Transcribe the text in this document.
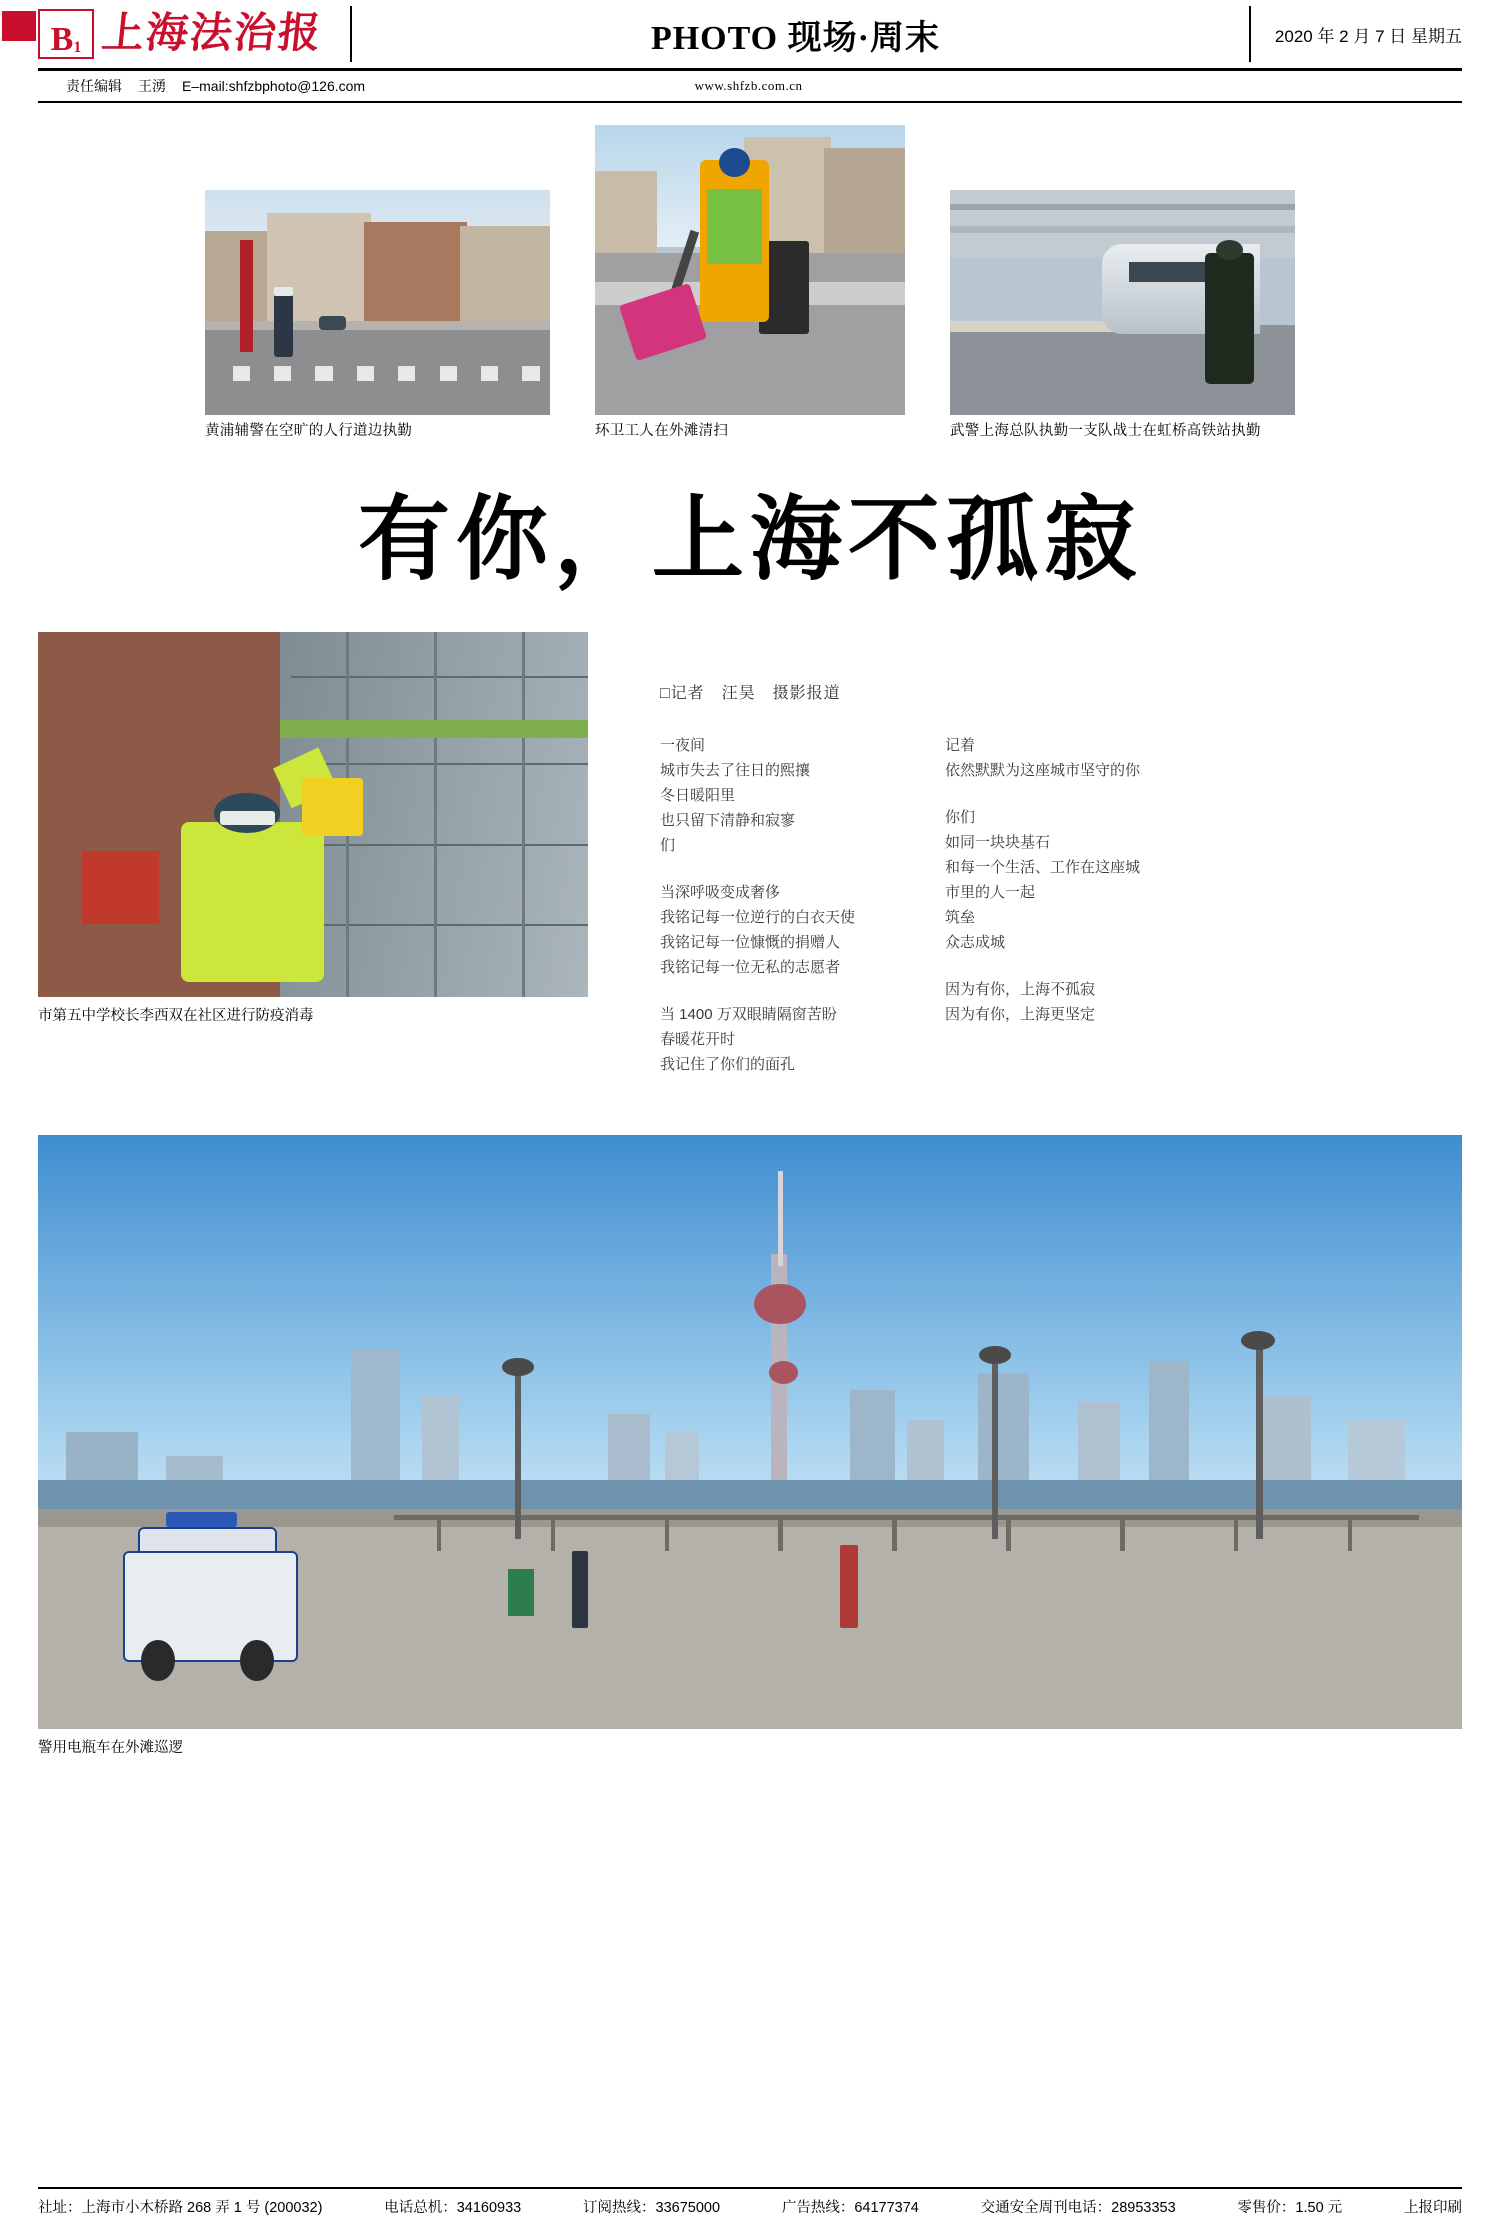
B 1 上海法治报	PHOTO 现场·周末	2020 年 2 月 7 日 星期五
责任编辑 王湧 E–mail:shfzbphoto@126.com	www.shfzb.com.cn
黄浦辅警在空旷的人行道边执勤	环卫工人在外滩清扫	武警上海总队执勤一支队战士在虹桥高铁站执勤
有你，上海不孤寂
市第五中学校长李西双在社区进行防疫消毒
□记者　汪昊　摄影报道
一夜间
城市失去了往日的熙攘
冬日暖阳里
也只留下清静和寂寥
们
当深呼吸变成奢侈
我铭记每一位逆行的白衣天使
我铭记每一位慷慨的捐赠人
我铭记每一位无私的志愿者
当 1400 万双眼睛隔窗苦盼
春暖花开时
我记住了你们的面孔
记着
依然默默为这座城市坚守的你
你们
如同一块块基石
和每一个生活、工作在这座城
市里的人一起
筑垒
众志成城
因为有你，上海不孤寂
因为有你，上海更坚定
警用电瓶车在外滩巡逻
社址：上海市小木桥路 268 弄 1 号 (200032)	电话总机：34160933	订阅热线：33675000	广告热线：64177374	交通安全周刊电话：28953353	零售价：1.50 元	上报印刷
